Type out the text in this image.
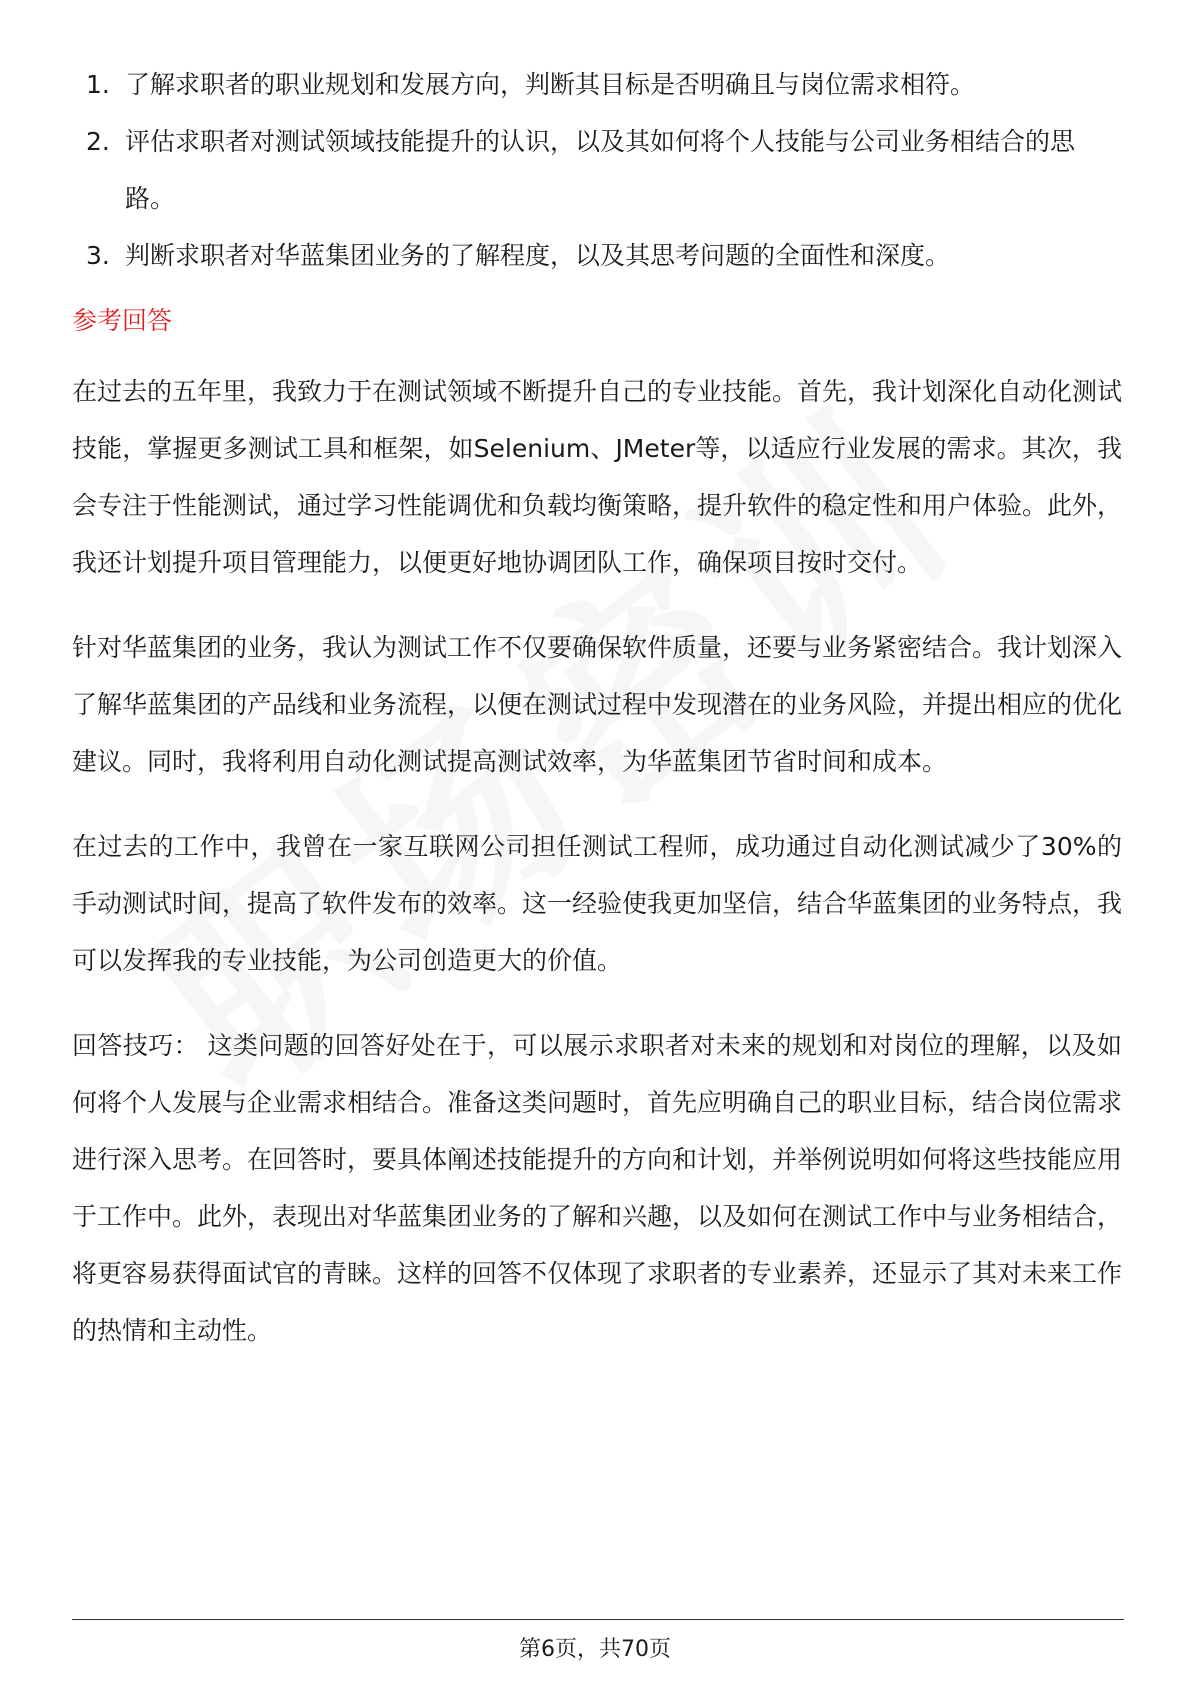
1. 了解求职者的职业规划和发展方向，判断其目标是否明确且与岗位需求相符。
2. 评估求职者对测试领域技能提升的认识，以及其如何将个人技能与公司业务相结合的思路。
3. 判断求职者对华蓝集团业务的了解程度，以及其思考问题的全面性和深度。
参考回答

在过去的五年里，我致力于在测试领域不断提升自己的专业技能。首先，我计划深化自动化测试技能，掌握更多测试工具和框架，如Selenium、JMeter等，以适应行业发展的需求。其次，我会专注于性能测试，通过学习性能调优和负载均衡策略，提升软件的稳定性和用户体验。此外，我还计划提升项目管理能力，以便更好地协调团队工作，确保项目按时交付。

针对华蓝集团的业务，我认为测试工作不仅要确保软件质量，还要与业务紧密结合。我计划深入了解华蓝集团的产品线和业务流程，以便在测试过程中发现潜在的业务风险，并提出相应的优化建议。同时，我将利用自动化测试提高测试效率，为华蓝集团节省时间和成本。

在过去的工作中，我曾在一家互联网公司担任测试工程师，成功通过自动化测试减少了30%的手动测试时间，提高了软件发布的效率。这一经验使我更加坚信，结合华蓝集团的业务特点，我可以发挥我的专业技能，为公司创造更大的价值。

回答技巧： 这类问题的回答好处在于，可以展示求职者对未来的规划和对岗位的理解，以及如何将个人发展与企业需求相结合。准备这类问题时，首先应明确自己的职业目标，结合岗位需求进行深入思考。在回答时，要具体阐述技能提升的方向和计划，并举例说明如何将这些技能应用于工作中。此外，表现出对华蓝集团业务的了解和兴趣，以及如何在测试工作中与业务相结合，将更容易获得面试官的青睐。这样的回答不仅体现了求职者的专业素养，还显示了其对未来工作的热情和主动性。

第6页，共70页
